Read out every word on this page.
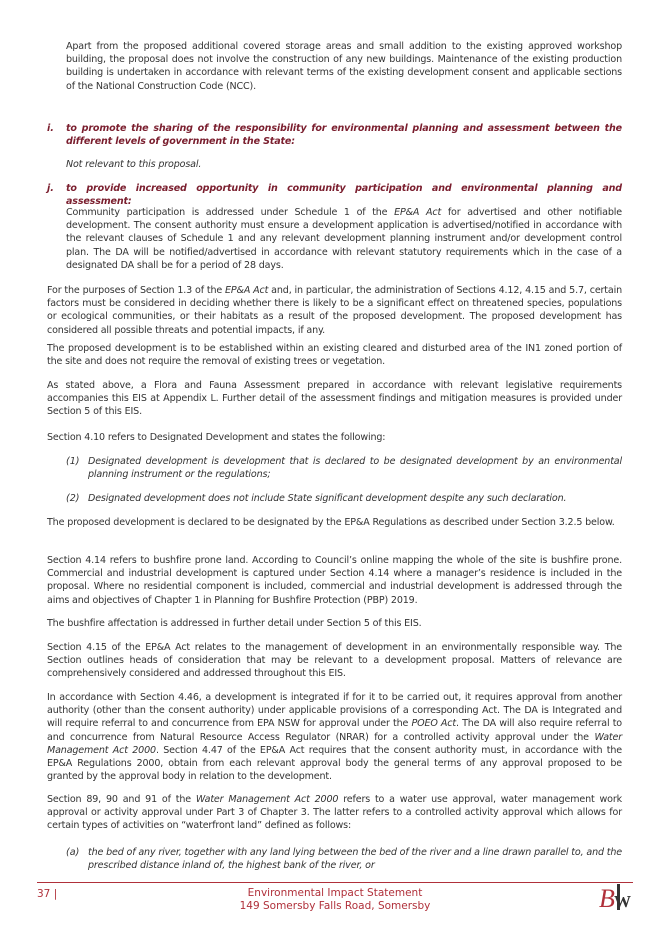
Apart from the proposed additional covered storage areas and small addition to the existing approved workshop building, the proposal does not involve the construction of any new buildings. Maintenance of the existing production building is undertaken in accordance with relevant terms of the existing development consent and applicable sections of the National Construction Code (NCC).

i. to promote the sharing of the responsibility for environmental planning and assessment between the different levels of government in the State:

Not relevant to this proposal.

j. to provide increased opportunity in community participation and environmental planning and assessment:

Community participation is addressed under Schedule 1 of the EP&A Act for advertised and other notifiable development. The consent authority must ensure a development application is advertised/notified in accordance with the relevant clauses of Schedule 1 and any relevant development planning instrument and/or development control plan. The DA will be notified/advertised in accordance with relevant statutory requirements which in the case of a designated DA shall be for a period of 28 days.

For the purposes of Section 1.3 of the EP&A Act and, in particular, the administration of Sections 4.12, 4.15 and 5.7, certain factors must be considered in deciding whether there is likely to be a significant effect on threatened species, populations or ecological communities, or their habitats as a result of the proposed development. The proposed development has considered all possible threats and potential impacts, if any.

The proposed development is to be established within an existing cleared and disturbed area of the IN1 zoned portion of the site and does not require the removal of existing trees or vegetation.

As stated above, a Flora and Fauna Assessment prepared in accordance with relevant legislative requirements accompanies this EIS at Appendix L. Further detail of the assessment findings and mitigation measures is provided under Section 5 of this EIS.

Section 4.10 refers to Designated Development and states the following:

(1) Designated development is development that is declared to be designated development by an environmental planning instrument or the regulations;

(2) Designated development does not include State significant development despite any such declaration.

The proposed development is declared to be designated by the EP&A Regulations as described under Section 3.2.5 below.

Section 4.14 refers to bushfire prone land. According to Council’s online mapping the whole of the site is bushfire prone. Commercial and industrial development is captured under Section 4.14 where a manager’s residence is included in the proposal. Where no residential component is included, commercial and industrial development is addressed through the aims and objectives of Chapter 1 in Planning for Bushfire Protection (PBP) 2019.

The bushfire affectation is addressed in further detail under Section 5 of this EIS.

Section 4.15 of the EP&A Act relates to the management of development in an environmentally responsible way. The Section outlines heads of consideration that may be relevant to a development proposal. Matters of relevance are comprehensively considered and addressed throughout this EIS.

In accordance with Section 4.46, a development is integrated if for it to be carried out, it requires approval from another authority (other than the consent authority) under applicable provisions of a corresponding Act. The DA is Integrated and will require referral to and concurrence from EPA NSW for approval under the POEO Act. The DA will also require referral to and concurrence from Natural Resource Access Regulator (NRAR) for a controlled activity approval under the Water Management Act 2000. Section 4.47 of the EP&A Act requires that the consent authority must, in accordance with the EP&A Regulations 2000, obtain from each relevant approval body the general terms of any approval proposed to be granted by the approval body in relation to the development.

Section 89, 90 and 91 of the Water Management Act 2000 refers to a water use approval, water management work approval or activity approval under Part 3 of Chapter 3. The latter refers to a controlled activity approval which allows for certain types of activities on “waterfront land” defined as follows:

(a) the bed of any river, together with any land lying between the bed of the river and a line drawn parallel to, and the prescribed distance inland of, the highest bank of the river, or

37 |	Environmental Impact Statement
149 Somersby Falls Road, Somersby	B W
